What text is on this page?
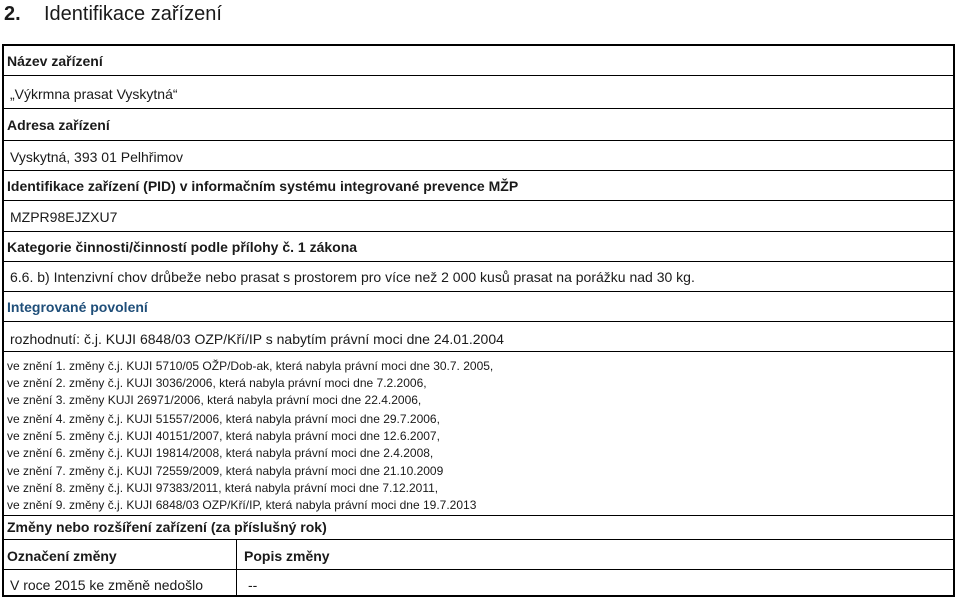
2. Identifikace zařízení
Název zařízení
„Výkrmna prasat Vyskytná“
Adresa zařízení
Vyskytná, 393 01 Pelhřimov
Identifikace zařízení (PID) v informačním systému integrované prevence MŽP
MZPR98EJZXU7
Kategorie činnosti/činností podle přílohy č. 1 zákona
6.6. b) Intenzivní chov drůbeže nebo prasat s prostorem pro více než 2 000 kusů prasat na porážku nad 30 kg.
Integrované povolení
rozhodnutí: č.j. KUJI 6848/03 OZP/Kří/IP s nabytím právní moci dne 24.01.2004
ve znění 1. změny č.j. KUJI 5710/05 OŽP/Dob-ak, která nabyla právní moci dne 30.7. 2005,
ve znění 2. změny č.j. KUJI 3036/2006, která nabyla právní moci dne 7.2.2006,
ve znění 3. změny KUJI 26971/2006, která nabyla právní moci dne 22.4.2006,
ve znění 4. změny č.j. KUJI 51557/2006, která nabyla právní moci dne 29.7.2006,
ve znění 5. změny č.j. KUJI 40151/2007, která nabyla právní moci dne 12.6.2007,
ve znění 6. změny č.j. KUJI 19814/2008, která nabyla právní moci dne 2.4.2008,
ve znění 7. změny č.j. KUJI 72559/2009, která nabyla právní moci dne 21.10.2009
ve znění 8. změny č.j. KUJI 97383/2011, která nabyla právní moci dne 7.12.2011,
ve znění 9. změny č.j. KUJI 6848/03 OZP/Kří/IP, která nabyla právní moci dne 19.7.2013
Změny nebo rozšíření zařízení (za příslušný rok)
Označení změny	Popis změny
V roce 2015 ke změně nedošlo	--
